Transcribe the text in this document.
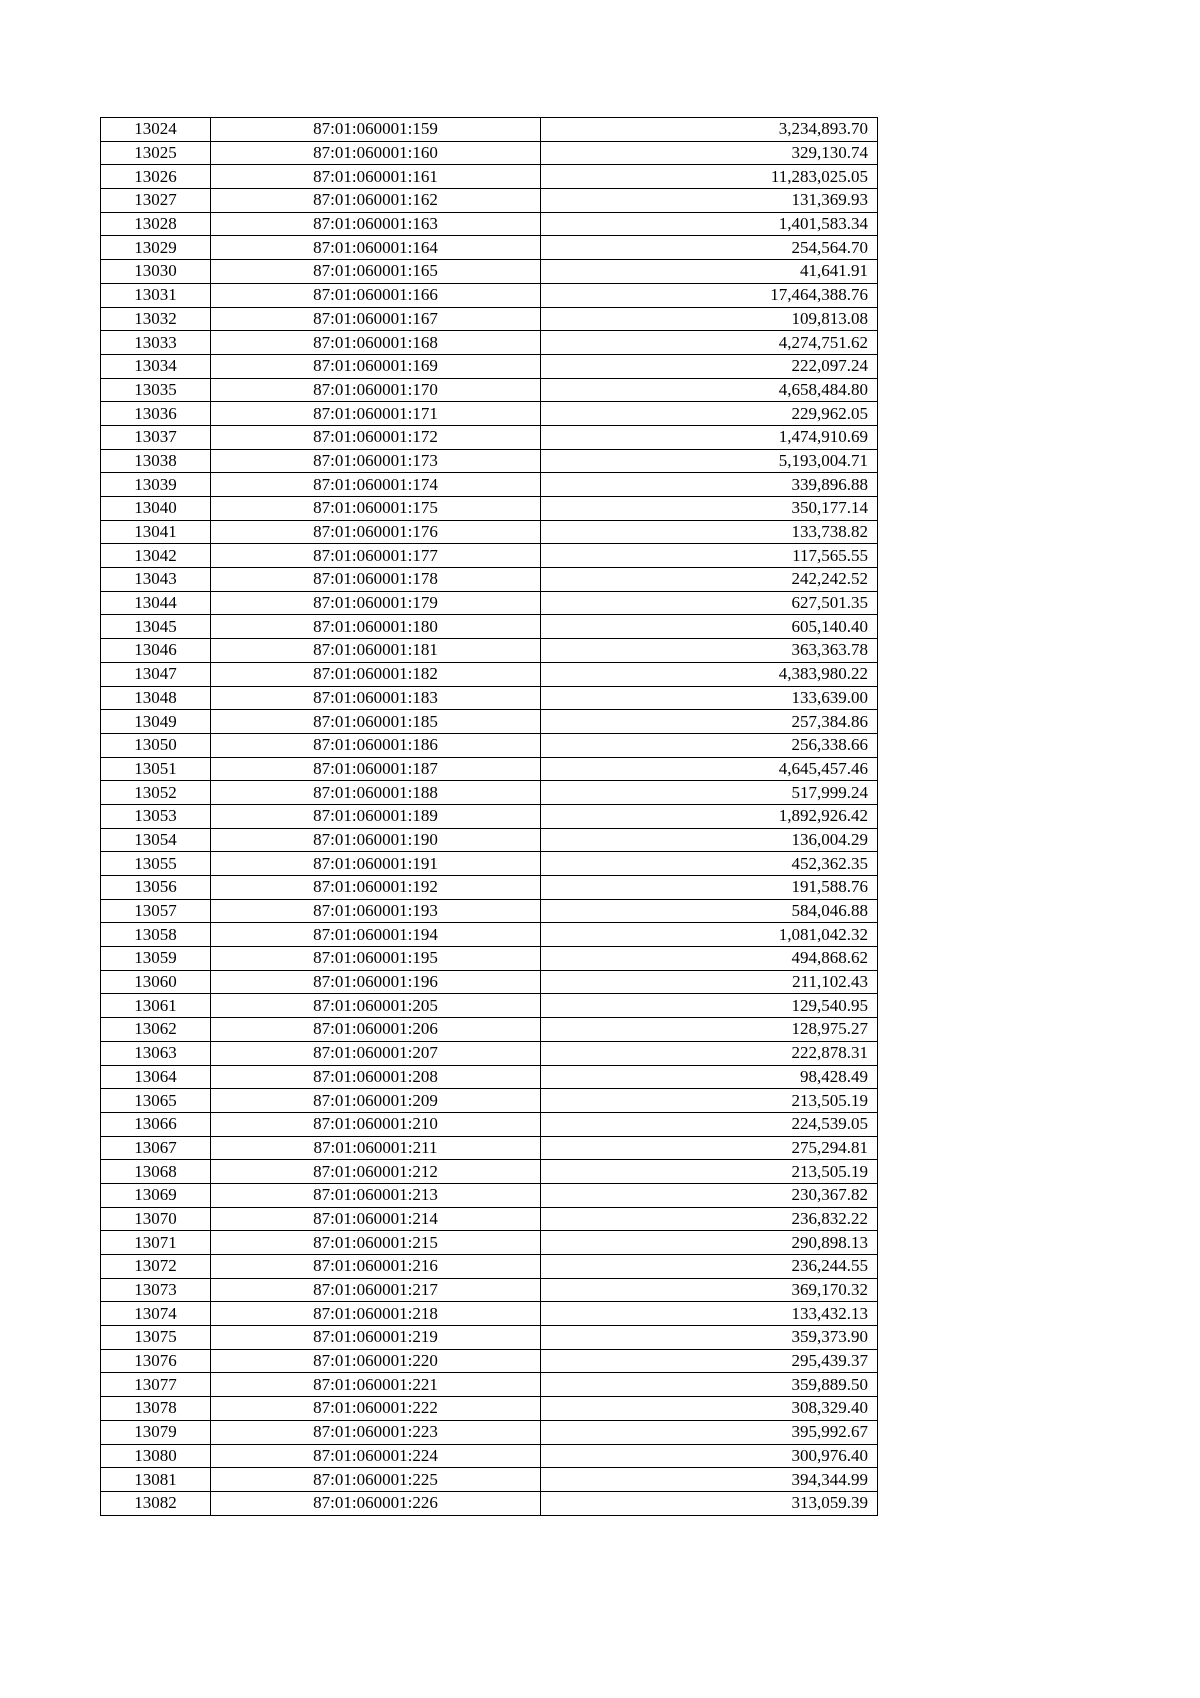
13024	87:01:060001:159	3,234,893.70
13025	87:01:060001:160	329,130.74
13026	87:01:060001:161	11,283,025.05
13027	87:01:060001:162	131,369.93
13028	87:01:060001:163	1,401,583.34
13029	87:01:060001:164	254,564.70
13030	87:01:060001:165	41,641.91
13031	87:01:060001:166	17,464,388.76
13032	87:01:060001:167	109,813.08
13033	87:01:060001:168	4,274,751.62
13034	87:01:060001:169	222,097.24
13035	87:01:060001:170	4,658,484.80
13036	87:01:060001:171	229,962.05
13037	87:01:060001:172	1,474,910.69
13038	87:01:060001:173	5,193,004.71
13039	87:01:060001:174	339,896.88
13040	87:01:060001:175	350,177.14
13041	87:01:060001:176	133,738.82
13042	87:01:060001:177	117,565.55
13043	87:01:060001:178	242,242.52
13044	87:01:060001:179	627,501.35
13045	87:01:060001:180	605,140.40
13046	87:01:060001:181	363,363.78
13047	87:01:060001:182	4,383,980.22
13048	87:01:060001:183	133,639.00
13049	87:01:060001:185	257,384.86
13050	87:01:060001:186	256,338.66
13051	87:01:060001:187	4,645,457.46
13052	87:01:060001:188	517,999.24
13053	87:01:060001:189	1,892,926.42
13054	87:01:060001:190	136,004.29
13055	87:01:060001:191	452,362.35
13056	87:01:060001:192	191,588.76
13057	87:01:060001:193	584,046.88
13058	87:01:060001:194	1,081,042.32
13059	87:01:060001:195	494,868.62
13060	87:01:060001:196	211,102.43
13061	87:01:060001:205	129,540.95
13062	87:01:060001:206	128,975.27
13063	87:01:060001:207	222,878.31
13064	87:01:060001:208	98,428.49
13065	87:01:060001:209	213,505.19
13066	87:01:060001:210	224,539.05
13067	87:01:060001:211	275,294.81
13068	87:01:060001:212	213,505.19
13069	87:01:060001:213	230,367.82
13070	87:01:060001:214	236,832.22
13071	87:01:060001:215	290,898.13
13072	87:01:060001:216	236,244.55
13073	87:01:060001:217	369,170.32
13074	87:01:060001:218	133,432.13
13075	87:01:060001:219	359,373.90
13076	87:01:060001:220	295,439.37
13077	87:01:060001:221	359,889.50
13078	87:01:060001:222	308,329.40
13079	87:01:060001:223	395,992.67
13080	87:01:060001:224	300,976.40
13081	87:01:060001:225	394,344.99
13082	87:01:060001:226	313,059.39
